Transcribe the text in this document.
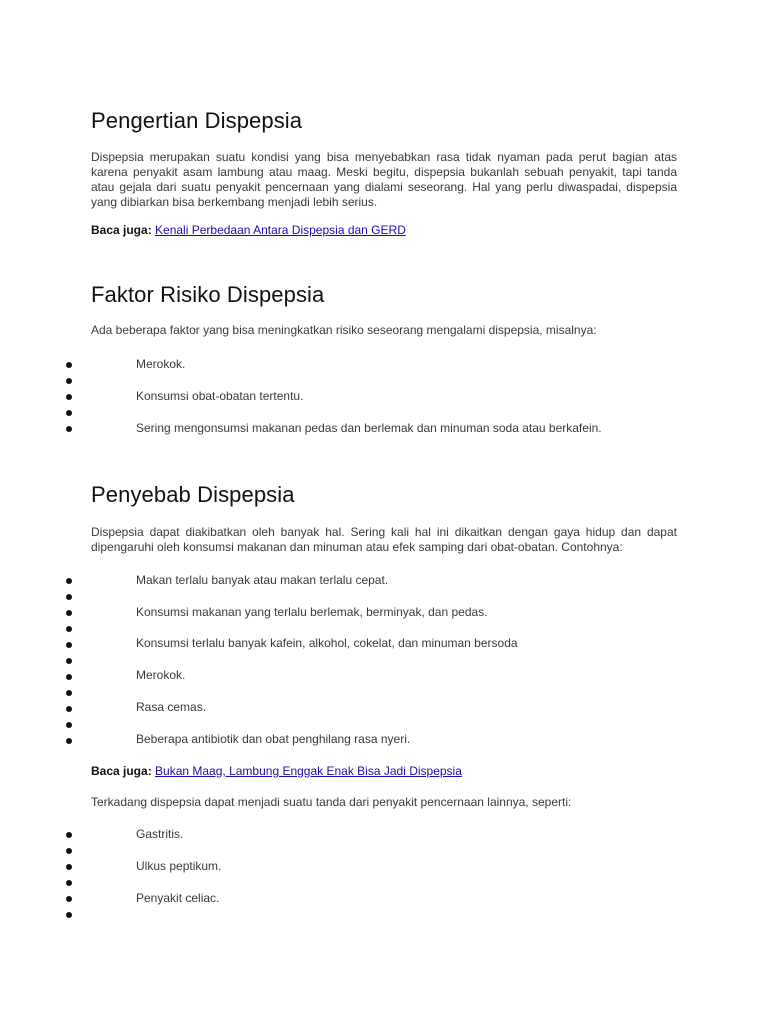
Pengertian Dispepsia

Dispepsia merupakan suatu kondisi yang bisa menyebabkan rasa tidak nyaman pada perut bagian atas karena penyakit asam lambung atau maag. Meski begitu, dispepsia bukanlah sebuah penyakit, tapi tanda atau gejala dari suatu penyakit pencernaan yang dialami seseorang. Hal yang perlu diwaspadai, dispepsia yang dibiarkan bisa berkembang menjadi lebih serius.

Baca juga: Kenali Perbedaan Antara Dispepsia dan GERD

Faktor Risiko Dispepsia

Ada beberapa faktor yang bisa meningkatkan risiko seseorang mengalami dispepsia, misalnya:

Merokok.

Konsumsi obat-obatan tertentu.

Sering mengonsumsi makanan pedas dan berlemak dan minuman soda atau berkafein.

Penyebab Dispepsia

Dispepsia dapat diakibatkan oleh banyak hal. Sering kali hal ini dikaitkan dengan gaya hidup dan dapat dipengaruhi oleh konsumsi makanan dan minuman atau efek samping dari obat-obatan. Contohnya:

Makan terlalu banyak atau makan terlalu cepat.

Konsumsi makanan yang terlalu berlemak, berminyak, dan pedas.

Konsumsi terlalu banyak kafein, alkohol, cokelat, dan minuman bersoda

Merokok.

Rasa cemas.

Beberapa antibiotik dan obat penghilang rasa nyeri.

Baca juga: Bukan Maag, Lambung Enggak Enak Bisa Jadi Dispepsia

Terkadang dispepsia dapat menjadi suatu tanda dari penyakit pencernaan lainnya, seperti:

Gastritis.

Ulkus peptikum.

Penyakit celiac.
